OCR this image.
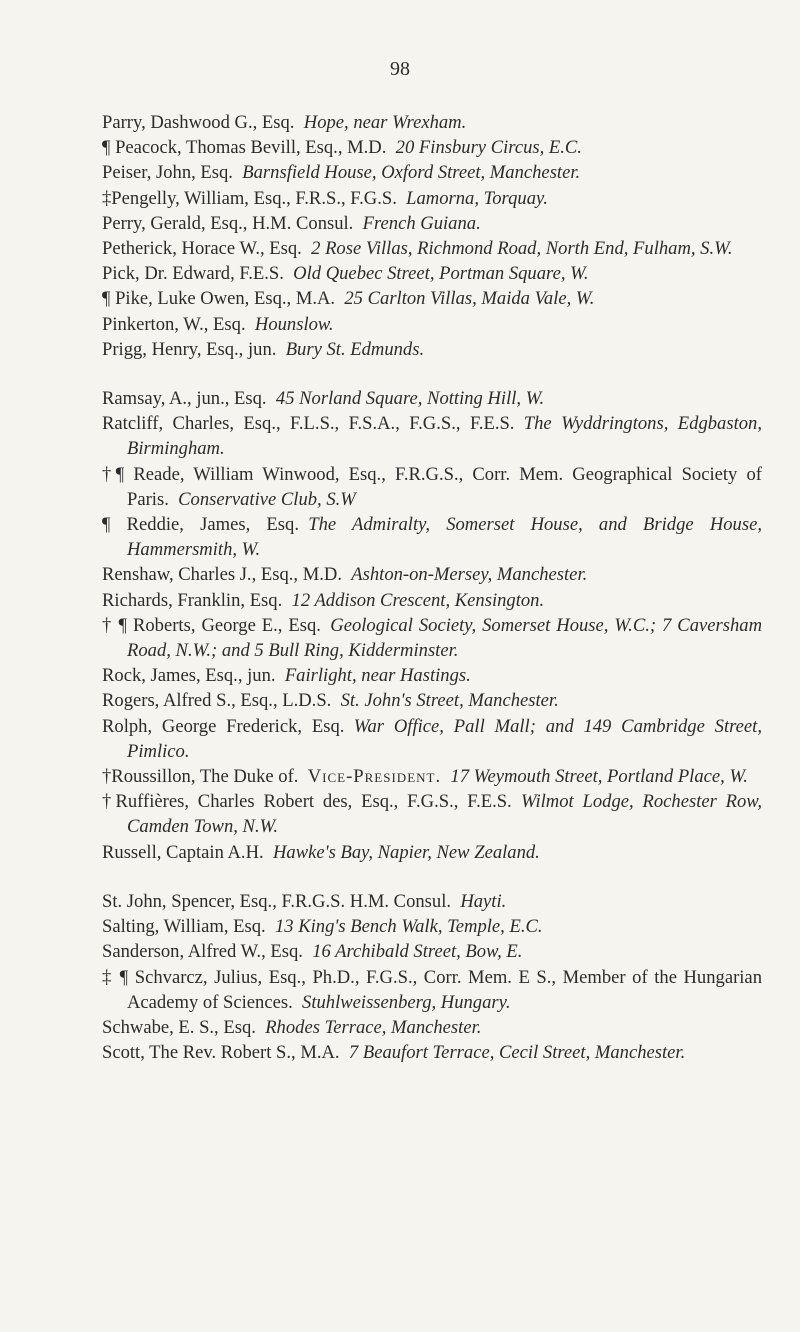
98
Parry, Dashwood G., Esq.  Hope, near Wrexham.
¶ Peacock, Thomas Bevill, Esq., M.D.  20 Finsbury Circus, E.C.
Peiser, John, Esq.  Barnsfield House, Oxford Street, Manchester.
‡Pengelly, William, Esq., F.R.S., F.G.S.  Lamorna, Torquay.
Perry, Gerald, Esq., H.M. Consul.  French Guiana.
Petherick, Horace W., Esq.  2 Rose Villas, Richmond Road, North End, Fulham, S.W.
Pick, Dr. Edward, F.E.S.  Old Quebec Street, Portman Square, W.
¶ Pike, Luke Owen, Esq., M.A.  25 Carlton Villas, Maida Vale, W.
Pinkerton, W., Esq.  Hounslow.
Prigg, Henry, Esq., jun.  Bury St. Edmunds.
Ramsay, A., jun., Esq.  45 Norland Square, Notting Hill, W.
Ratcliff, Charles, Esq., F.L.S., F.S.A., F.G.S., F.E.S.  The Wyddringtons, Edgbaston, Birmingham.
†¶ Reade, William Winwood, Esq., F.R.G.S., Corr. Mem. Geographical Society of Paris.  Conservative Club, S.W
¶ Reddie, James, Esq.  The Admiralty, Somerset House, and Bridge House, Hammersmith, W.
Renshaw, Charles J., Esq., M.D.  Ashton-on-Mersey, Manchester.
Richards, Franklin, Esq.  12 Addison Crescent, Kensington.
† ¶ Roberts, George E., Esq.  Geological Society, Somerset House, W.C.; 7 Caversham Road, N.W.; and 5 Bull Ring, Kidderminster.
Rock, James, Esq., jun.  Fairlight, near Hastings.
Rogers, Alfred S., Esq., L.D.S.  St. John's Street, Manchester.
Rolph, George Frederick, Esq.  War Office, Pall Mall; and 149 Cambridge Street, Pimlico.
†Roussillon, The Duke of.  Vice-President.  17 Weymouth Street, Portland Place, W.
†Ruffières, Charles Robert des, Esq., F.G.S., F.E.S.  Wilmot Lodge, Rochester Row, Camden Town, N.W.
Russell, Captain A.H.  Hawke's Bay, Napier, New Zealand.
St. John, Spencer, Esq., F.R.G.S. H.M. Consul.  Hayti.
Salting, William, Esq.  13 King's Bench Walk, Temple, E.C.
Sanderson, Alfred W., Esq.  16 Archibald Street, Bow, E.
‡ ¶ Schvarcz, Julius, Esq., Ph.D., F.G.S., Corr. Mem. E S., Member of the Hungarian Academy of Sciences.  Stuhlweissenberg, Hungary.
Schwabe, E. S., Esq.  Rhodes Terrace, Manchester.
Scott, The Rev. Robert S., M.A.  7 Beaufort Terrace, Cecil Street, Manchester.
